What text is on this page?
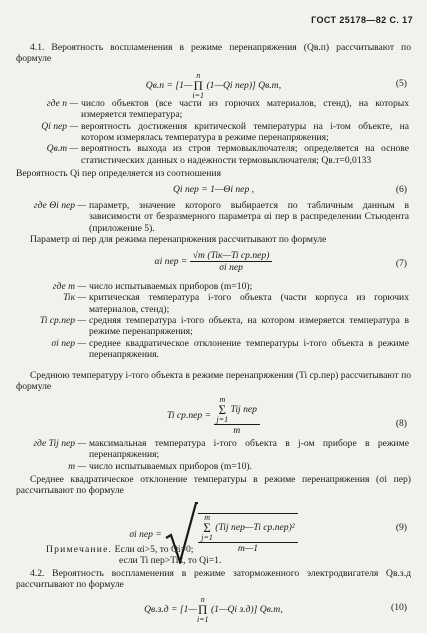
ГОСТ 25178—82 С. 17
4.1. Вероятность воспламенения в режиме перенапряжения (Qв.п) рассчитывают по формуле
Qв.п = [1—n
Π
i=1 (1—Qi пер)] Qв.т,	(5)
где n — число объектов (все части из горючих материалов, стенд), на которых измеряется температура;
Qi пер — вероятность достижения критической температуры на i-том объекте, на котором измерялась температура в режиме перенапряжения;
Qв.т — вероятность выхода из строя термовыключателя; определяется на основе статистических данных о надежности термовыключателя; Qв.т=0,0133
Вероятность Qi пер определяется из соотношения
Qi пер = 1—Θi пер ,	(6)
где Θi пер — параметр, значение которого выбирается по табличным данным в зависимости от безразмерного параметра αi пер в распределении Стьюдента (приложение 5).
Параметр αi пер для режима перенапряжения рассчитывают по формуле
αi пер = $\frac{\text{√m (Tiк—Ti ср.пер)}}{\text{σi пер}}$	(7)
где m — число испытываемых приборов (m=10);
Tiк — критическая температура i-того объекта (части корпуса из горючих материалов, стенд);
Ti ср.пер — средняя температура i-того объекта, на котором измеряется температура в режиме перенапряжения;
σi пер — среднее квадратическое отклонение температуры i-того объекта в режиме перенапряжения.
Среднюю температуру i-того объекта в режиме перенапряжения (Ti ср.пер) рассчитывают по формуле
Ti ср.пер = m
Σ
j=1 Tij пер
m	(8)
где Tij пер — максимальная температура i-того объекта в j-ом приборе в режиме перенапряжения;
m — число испытываемых приборов (m=10).
Среднее квадратическое отклонение температуры в режиме перенапряжения (σi пер) рассчитывают по формуле
σi пер =	m
Σ
j=1 (Tij пер—Ti ср.пер)²
m—1	(9)
Примечание. Если αi>5, то Qi=0;
если Ti пер>Tiк, то Qi=1.
4.2. Вероятность воспламенения в режиме заторможенного электродвигателя Qв.з.д рассчитывают по формуле
Qв.з.д = [1—n
Π
i=1 (1—Qi з.д)] Qв.т,	(10)
